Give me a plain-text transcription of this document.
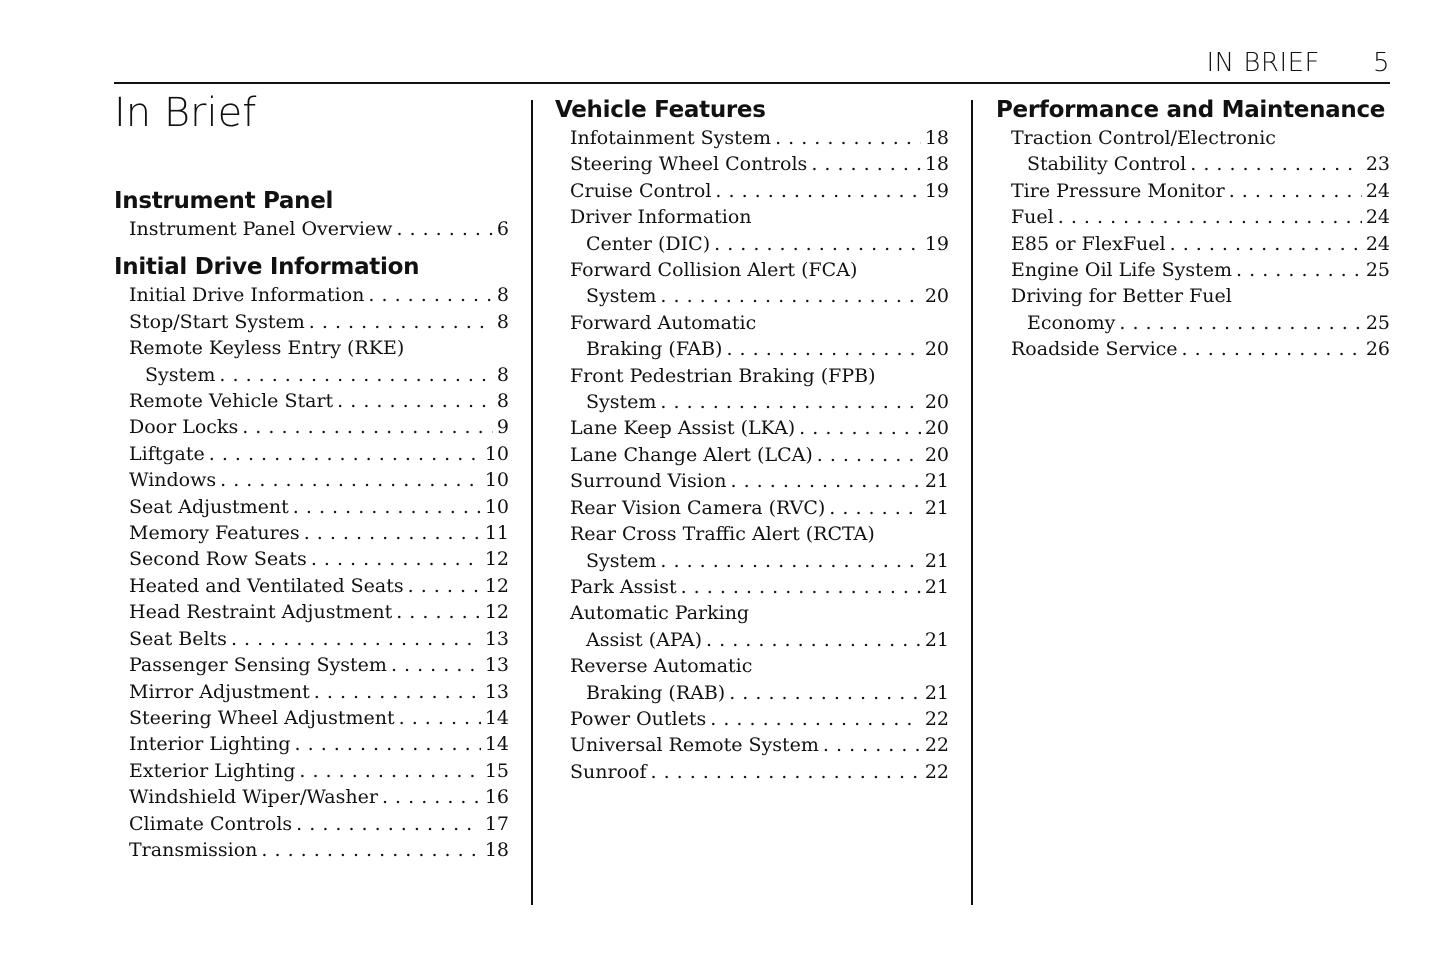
IN BRIEF 5
In Brief
Instrument Panel
Instrument Panel Overview . . .	6
Initial Drive Information
Initial Drive Information . . .	8
Stop/Start System . . .	8
Remote Keyless Entry (RKE)
System . . .	8
Remote Vehicle Start . . .	8
Door Locks . . .	9
Liftgate . . .	10
Windows . . .	10
Seat Adjustment . . .	10
Memory Features . . .	11
Second Row Seats . . .	12
Heated and Ventilated Seats . . .	12
Head Restraint Adjustment . . .	12
Seat Belts . . .	13
Passenger Sensing System . . .	13
Mirror Adjustment . . .	13
Steering Wheel Adjustment . . .	14
Interior Lighting . . .	14
Exterior Lighting . . .	15
Windshield Wiper/Washer . . .	16
Climate Controls . . .	17
Transmission . . .	18
Vehicle Features
Infotainment System . . .	18
Steering Wheel Controls . . .	18
Cruise Control . . .	19
Driver Information
Center (DIC) . . .	19
Forward Collision Alert (FCA)
System . . .	20
Forward Automatic
Braking (FAB) . . .	20
Front Pedestrian Braking (FPB)
System . . .	20
Lane Keep Assist (LKA) . . .	20
Lane Change Alert (LCA) . . .	20
Surround Vision . . .	21
Rear Vision Camera (RVC) . . .	21
Rear Cross Traffic Alert (RCTA)
System . . .	21
Park Assist . . .	21
Automatic Parking
Assist (APA) . . .	21
Reverse Automatic
Braking (RAB) . . .	21
Power Outlets . . .	22
Universal Remote System . . .	22
Sunroof . . .	22
Performance and Maintenance
Traction Control/Electronic
Stability Control . . .	23
Tire Pressure Monitor . . .	24
Fuel . . .	24
E85 or FlexFuel . . .	24
Engine Oil Life System . . .	25
Driving for Better Fuel
Economy . . .	25
Roadside Service . . .	26
